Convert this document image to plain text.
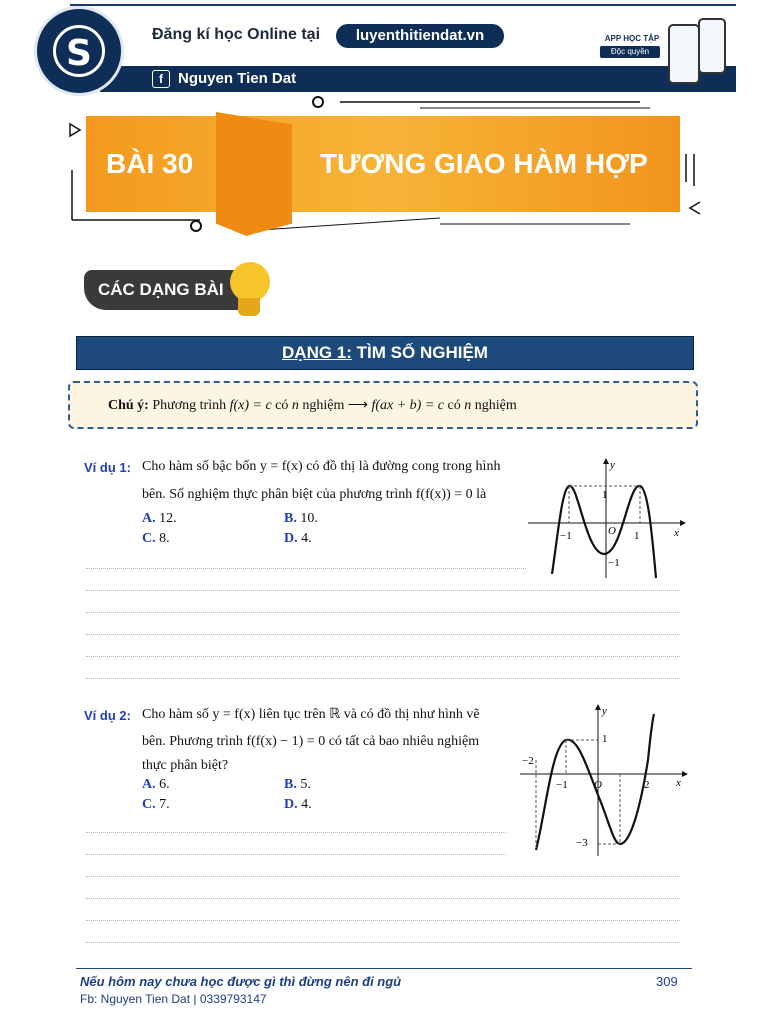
S	Đăng kí học Online tại	luyenthitiendat.vn
f	Nguyen Tien Dat
APP HỌC TẬP
Độc quyền
BÀI 30	TƯƠNG GIAO HÀM HỢP
CÁC DẠNG BÀI
DẠNG 1: TÌM SỐ NGHIỆM
Chú ý: Phương trình f(x) = c có n nghiệm ⟶ f(ax + b) = c có n nghiệm
Ví dụ 1: Cho hàm số bậc bốn y = f(x) có đồ thị là đường cong trong hình
bên. Số nghiệm thực phân biệt của phương trình f(f(x)) = 0 là
A. 12.	B. 10.
C. 8.	D. 4.
y
x
1
O
−1	1
−1
Ví dụ 2: Cho hàm số y = f(x) liên tục trên ℝ và có đồ thị như hình vẽ
bên. Phương trình f(f(x) − 1) = 0 có tất cả bao nhiêu nghiệm
thực phân biệt?
A. 6.	B. 5.
C. 7.	D. 4.
y
x
1
O
−2
−1	2
−3
Nếu hôm nay chưa học được gì thì đừng nên đi ngủ
Fb: Nguyen Tien Dat | 0339793147
309
